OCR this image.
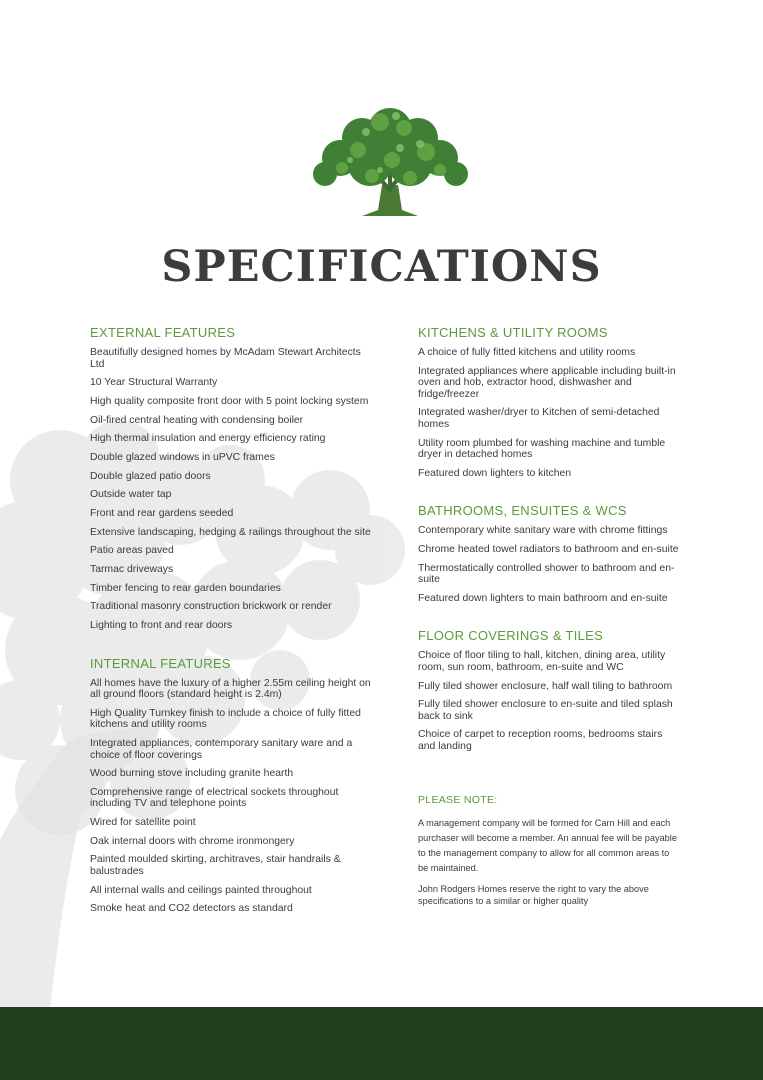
SPECIFICATIONS
EXTERNAL FEATURES
Beautifully designed homes by McAdam Stewart Architects Ltd
10 Year Structural Warranty
High quality composite front door with 5 point locking system
Oil-fired central heating with condensing boiler
High thermal insulation and energy efficiency rating
Double glazed windows in uPVC frames
Double glazed patio doors
Outside water tap
Front and rear gardens seeded
Extensive landscaping, hedging & railings throughout the site
Patio areas paved
Tarmac driveways
Timber fencing to rear garden boundaries
Traditional masonry construction brickwork or render
Lighting to front and rear doors
INTERNAL FEATURES
All homes have the luxury of a higher 2.55m ceiling height on all ground floors (standard height is 2.4m)
High Quality Turnkey finish to include a choice of fully fitted kitchens and utility rooms
Integrated appliances, contemporary sanitary ware and a choice of floor coverings
Wood burning stove including granite hearth
Comprehensive range of electrical sockets throughout including TV and telephone points
Wired for satellite point
Oak internal doors with chrome ironmongery
Painted moulded skirting, architraves, stair handrails & balustrades
All internal walls and ceilings painted throughout
Smoke heat and CO2 detectors as standard
KITCHENS & UTILITY ROOMS
A choice of fully fitted kitchens and utility rooms
Integrated appliances where applicable including built-in oven and hob, extractor hood, dishwasher and fridge/freezer
Integrated washer/dryer to Kitchen of semi-detached homes
Utility room plumbed for washing machine and tumble dryer in detached homes
Featured down lighters to kitchen
BATHROOMS, ENSUITES & WCS
Contemporary white sanitary ware with chrome fittings
Chrome heated towel radiators to bathroom and en-suite
Thermostatically controlled shower to bathroom and en-suite
Featured down lighters to main bathroom and en-suite
FLOOR COVERINGS & TILES
Choice of floor tiling to hall, kitchen, dining area, utility room, sun room, bathroom, en-suite and WC
Fully tiled shower enclosure, half wall tiling to bathroom
Fully tiled shower enclosure to en-suite and tiled splash back to sink
Choice of carpet to reception rooms, bedrooms stairs and landing
PLEASE NOTE:

A management company will be formed for Carn Hill and each purchaser will become a member. An annual fee will be payable to the management company to allow for all common areas to be maintained.

John Rodgers Homes reserve the right to vary the above specifications to a similar or higher quality
